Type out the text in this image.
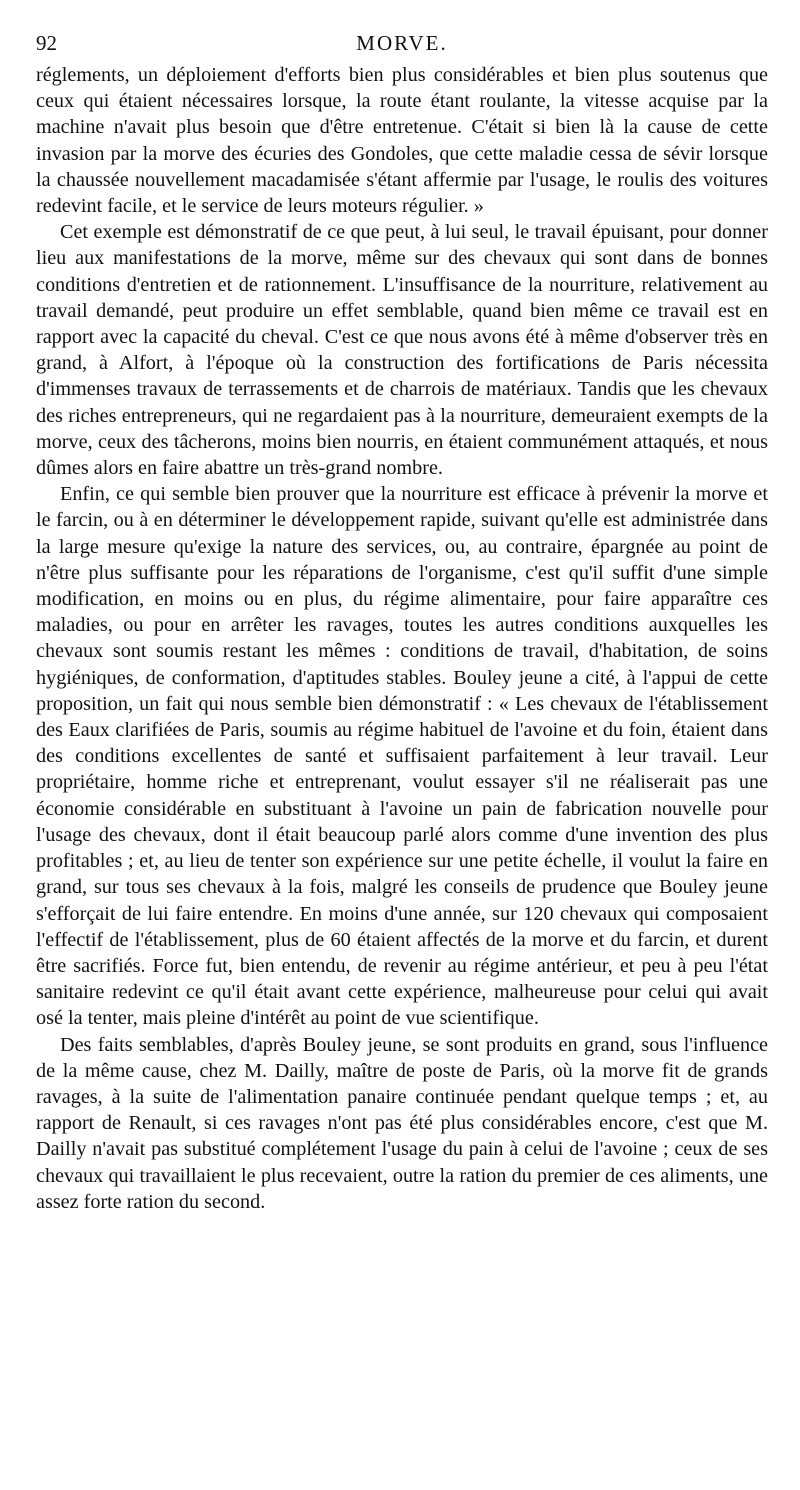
92	MORVE.

réglements, un déploiement d'efforts bien plus considérables et bien plus soutenus que ceux qui étaient nécessaires lorsque, la route étant roulante, la vitesse acquise par la machine n'avait plus besoin que d'être entretenue. C'était si bien là la cause de cette invasion par la morve des écuries des Gondoles, que cette maladie cessa de sévir lorsque la chaussée nouvellement macadamisée s'étant affermie par l'usage, le roulis des voitures redevint facile, et le service de leurs moteurs régulier. »

Cet exemple est démonstratif de ce que peut, à lui seul, le travail épuisant, pour donner lieu aux manifestations de la morve, même sur des chevaux qui sont dans de bonnes conditions d'entretien et de rationnement. L'insuffisance de la nourriture, relativement au travail demandé, peut produire un effet semblable, quand bien même ce travail est en rapport avec la capacité du cheval. C'est ce que nous avons été à même d'observer très en grand, à Alfort, à l'époque où la construction des fortifications de Paris nécessita d'immenses travaux de terrassements et de charrois de matériaux. Tandis que les chevaux des riches entrepreneurs, qui ne regardaient pas à la nourriture, demeuraient exempts de la morve, ceux des tâcherons, moins bien nourris, en étaient communément attaqués, et nous dûmes alors en faire abattre un très-grand nombre.

Enfin, ce qui semble bien prouver que la nourriture est efficace à prévenir la morve et le farcin, ou à en déterminer le développement rapide, suivant qu'elle est administrée dans la large mesure qu'exige la nature des services, ou, au contraire, épargnée au point de n'être plus suffisante pour les réparations de l'organisme, c'est qu'il suffit d'une simple modification, en moins ou en plus, du régime alimentaire, pour faire apparaître ces maladies, ou pour en arrêter les ravages, toutes les autres conditions auxquelles les chevaux sont soumis restant les mêmes : conditions de travail, d'habitation, de soins hygiéniques, de conformation, d'aptitudes stables. Bouley jeune a cité, à l'appui de cette proposition, un fait qui nous semble bien démonstratif : « Les chevaux de l'établissement des Eaux clarifiées de Paris, soumis au régime habituel de l'avoine et du foin, étaient dans des conditions excellentes de santé et suffisaient parfaitement à leur travail. Leur propriétaire, homme riche et entreprenant, voulut essayer s'il ne réaliserait pas une économie considérable en substituant à l'avoine un pain de fabrication nouvelle pour l'usage des chevaux, dont il était beaucoup parlé alors comme d'une invention des plus profitables ; et, au lieu de tenter son expérience sur une petite échelle, il voulut la faire en grand, sur tous ses chevaux à la fois, malgré les conseils de prudence que Bouley jeune s'efforçait de lui faire entendre. En moins d'une année, sur 120 chevaux qui composaient l'effectif de l'établissement, plus de 60 étaient affectés de la morve et du farcin, et durent être sacrifiés. Force fut, bien entendu, de revenir au régime antérieur, et peu à peu l'état sanitaire redevint ce qu'il était avant cette expérience, malheureuse pour celui qui avait osé la tenter, mais pleine d'intérêt au point de vue scientifique.

Des faits semblables, d'après Bouley jeune, se sont produits en grand, sous l'influence de la même cause, chez M. Dailly, maître de poste de Paris, où la morve fit de grands ravages, à la suite de l'alimentation panaire continuée pendant quelque temps ; et, au rapport de Renault, si ces ravages n'ont pas été plus considérables encore, c'est que M. Dailly n'avait pas substitué complétement l'usage du pain à celui de l'avoine ; ceux de ses chevaux qui travaillaient le plus recevaient, outre la ration du premier de ces aliments, une assez forte ration du second.
